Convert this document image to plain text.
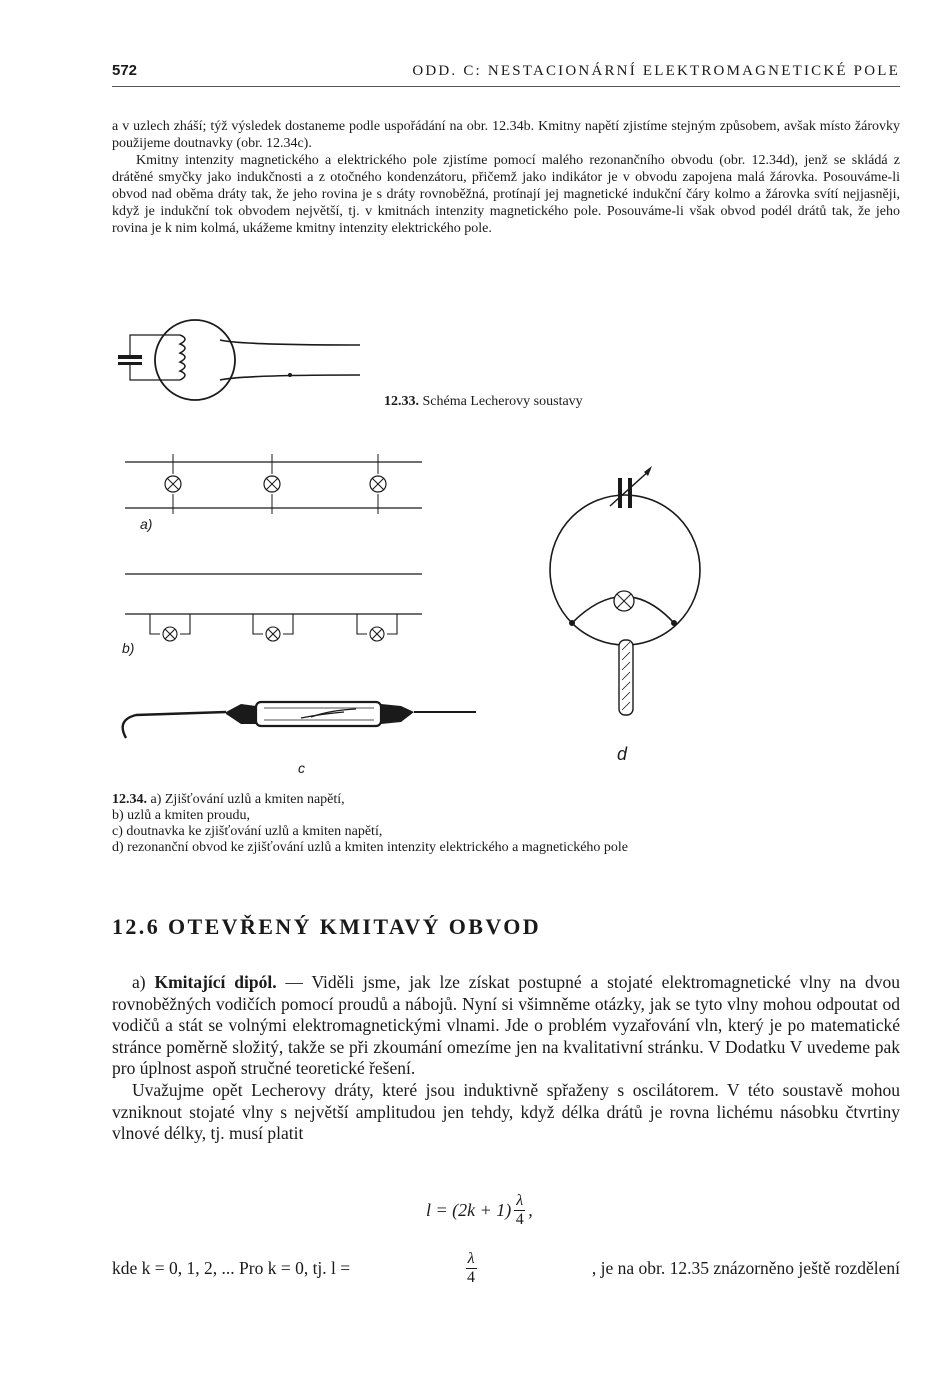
572	ODD. C: NESTACIONÁRNÍ ELEKTROMAGNETICKÉ POLE

a v uzlech zháší; týž výsledek dostaneme podle uspořádání na obr. 12.34b. Kmitny napětí zjistíme stejným způsobem, avšak místo žárovky použijeme doutnavky (obr. 12.34c).

Kmitny intenzity magnetického a elektrického pole zjistíme pomocí malého rezonančního obvodu (obr. 12.34d), jenž se skládá z drátěné smyčky jako indukčnosti a z otočného kondenzátoru, přičemž jako indikátor je v obvodu zapojena malá žárovka. Posouváme-li obvod nad oběma dráty tak, že jeho rovina je s dráty rovnoběžná, protínají jej magnetické indukční čáry kolmo a žárovka svítí nejjasněji, když je indukční tok obvodem největší, tj. v kmitnách intenzity magnetického pole. Posouváme-li však obvod podél drátů tak, že jeho rovina je k nim kolmá, ukážeme kmitny intenzity elektrického pole.

12.33. Schéma Lecherovy soustavy
a)
b)
c
d

12.34. a) Zjišťování uzlů a kmiten napětí,

b) uzlů a kmiten proudu,

c) doutnavka ke zjišťování uzlů a kmiten napětí,

d) rezonanční obvod ke zjišťování uzlů a kmiten intenzity elektrického a magnetického pole

12.6 OTEVŘENÝ KMITAVÝ OBVOD

a) Kmitající dipól. — Viděli jsme, jak lze získat postupné a stojaté elektromagnetické vlny na dvou rovnoběžných vodičích pomocí proudů a nábojů. Nyní si všimněme otázky, jak se tyto vlny mohou odpoutat od vodičů a stát se volnými elektromagnetickými vlnami. Jde o problém vyzařování vln, který je po matematické stránce poměrně složitý, takže se při zkoumání omezíme jen na kvalitativní stránku. V Dodatku V uvedeme pak pro úplnost aspoň stručné teoretické řešení.

Uvažujme opět Lecherovy dráty, které jsou induktivně spřaženy s oscilátorem. V této soustavě mohou vzniknout stojaté vlny s největší amplitudou jen tehdy, když délka drátů je rovna lichému násobku čtvrtiny vlnové délky, tj. musí platit

$l = (2k + 1) \frac{\lambda}{4}$ ,
kde k = 0, 1, 2, ... Pro k = 0, tj. l =	$\frac{\lambda}{4}$	, je na obr. 12.35 znázorněno ještě rozdělení
